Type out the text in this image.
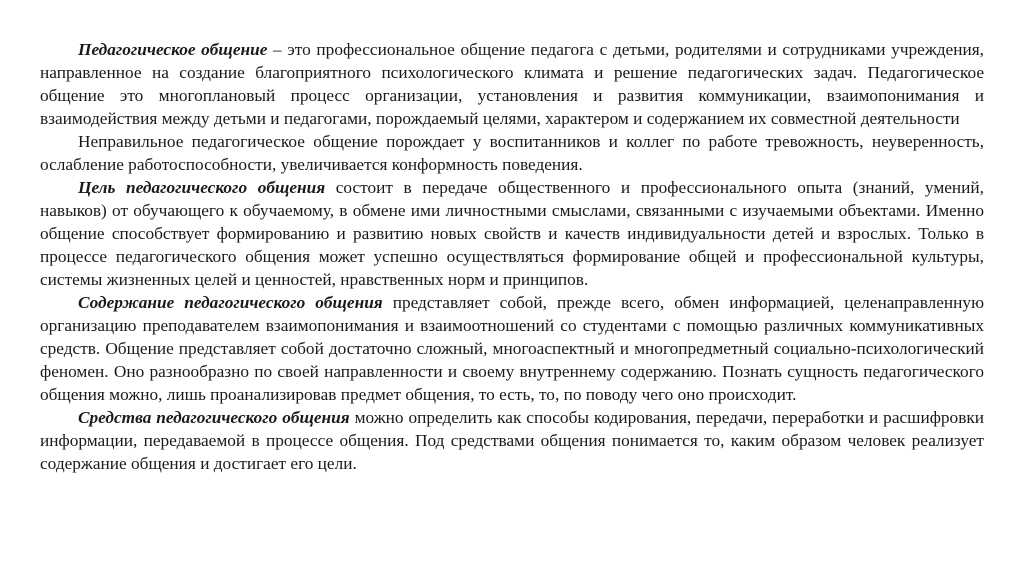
Педагогическое общение – это профессиональное общение педагога с детьми, родителями и сотрудниками учреждения, направленное на создание благоприятного психологического климата и решение педагогических задач. Педагогическое общение это многоплановый процесс организации, установления и развития коммуникации, взаимопонимания и взаимодействия между детьми и педагогами, порождаемый целями, характером и содержанием их совместной деятельности

Неправильное педагогическое общение порождает у воспитанников и коллег по работе тревожность, неуверенность, ослабление работоспособности, увеличивается конформность поведения.

Цель педагогического общения состоит в передаче общественного и профессионального опыта (знаний, умений, навыков) от обучающего к обучаемому, в обмене ими личностными смыслами, связанными с изучаемыми объектами. Именно общение способствует формированию и развитию новых свойств и качеств индивидуальности детей и взрослых. Только в процессе педагогического общения может успешно осуществляться формирование общей и профессиональной культуры, системы жизненных целей и ценностей, нравственных норм и принципов.

Содержание педагогического общения представляет собой, прежде всего, обмен информацией, целенаправленную организацию преподавателем взаимопонимания и взаимоотношений со студентами с помощью различных коммуникативных средств. Общение представляет собой достаточно сложный, многоаспектный и многопредметный социально-психологический феномен. Оно разнообразно по своей направленности и своему внутреннему содержанию. Познать сущность педагогического общения можно, лишь проанализировав предмет общения, то есть, то, по поводу чего оно происходит.

Средства педагогического общения можно определить как способы кодирования, передачи, переработки и расшифровки информации, передаваемой в процессе общения. Под средствами общения понимается то, каким образом человек реализует содержание общения и достигает его цели.
